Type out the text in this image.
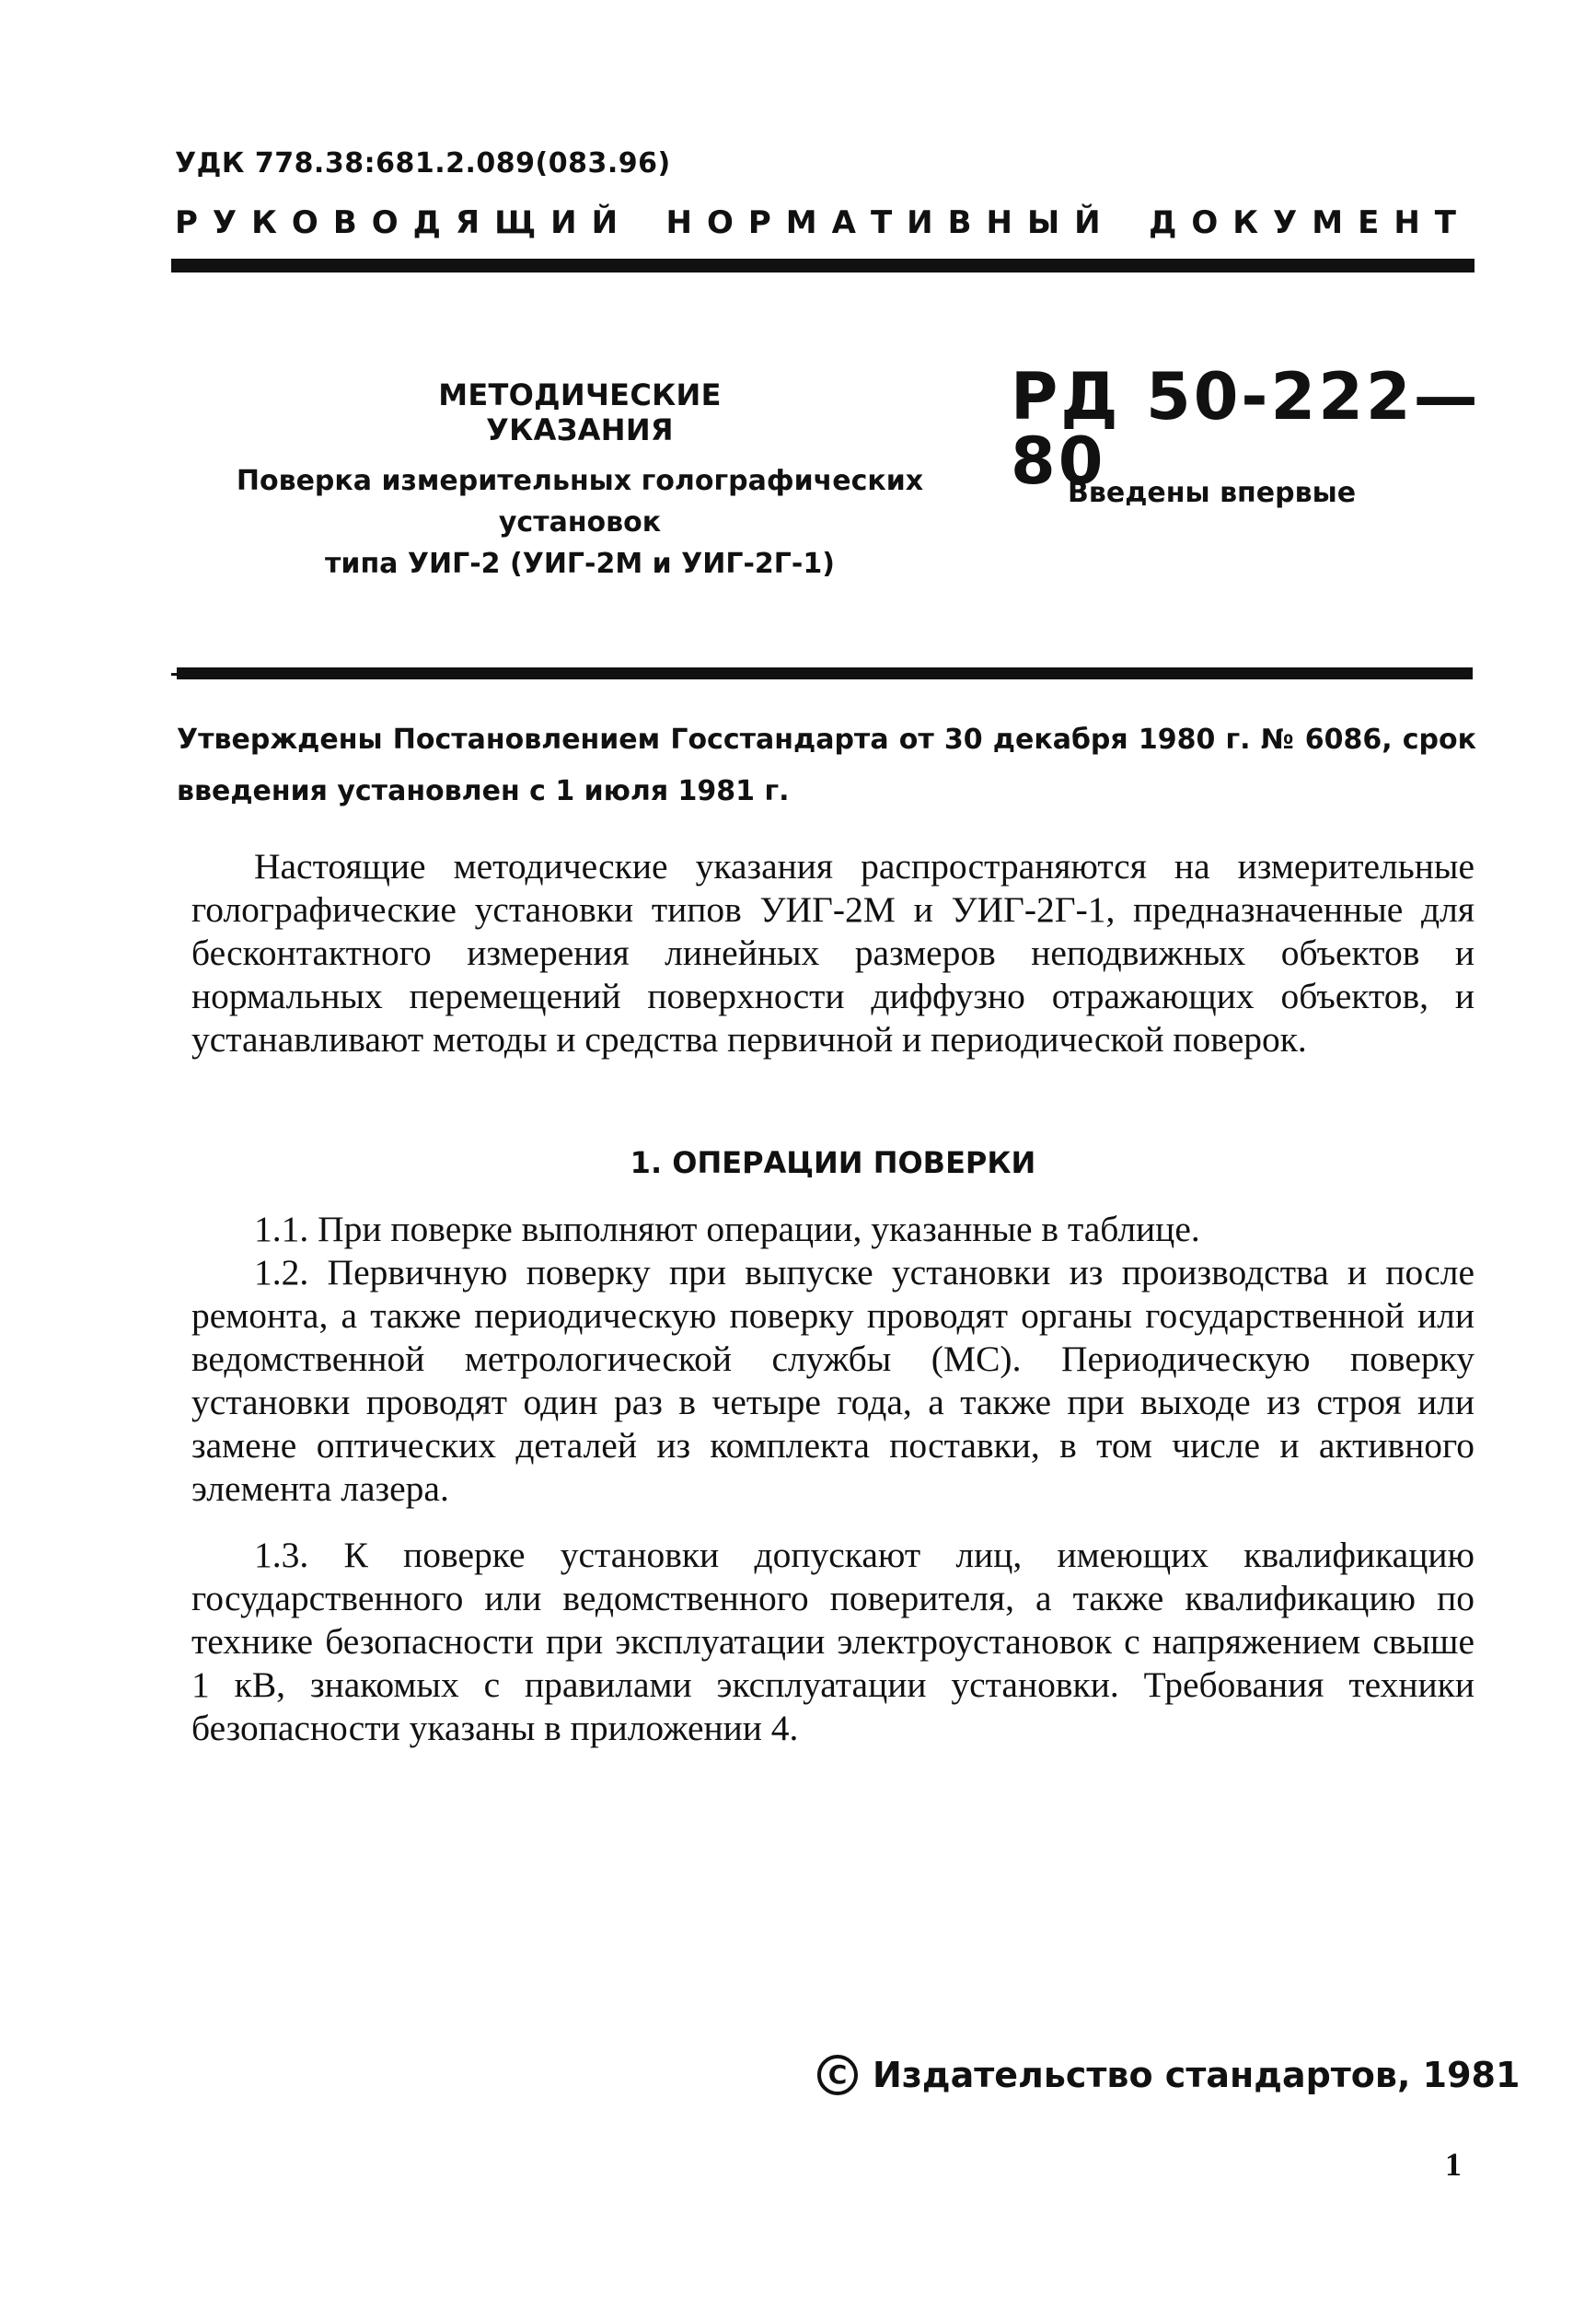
УДК 778.38:681.2.089(083.96)
РУКОВОДЯЩИЙ НОРМАТИВНЫЙ ДОКУМЕНТ
МЕТОДИЧЕСКИЕ УКАЗАНИЯ
Поверка измерительных голографических
установок
типа УИГ-2 (УИГ-2М и УИГ-2Г-1)
РД 50-222—80
Введены впервые
Утверждены Постановлением Госстандарта от 30 декабря 1980 г. № 6086, срок введения установлен с 1 июля 1981 г.
Настоящие методические указания распространяются на измерительные голографические установки типов УИГ-2М и УИГ-2Г-1, предназначенные для бесконтактного измерения линейных размеров неподвижных объектов и нормальных перемещений поверхности диффузно отражающих объектов, и устанавливают методы и средства первичной и периодической поверок.
1. ОПЕРАЦИИ ПОВЕРКИ
1.1. При поверке выполняют операции, указанные в таблице.
1.2. Первичную поверку при выпуске установки из производства и после ремонта, а также периодическую поверку проводят органы государственной или ведомственной метрологической службы (МС). Периодическую поверку установки проводят один раз в четыре года, а также при выходе из строя или замене оптических деталей из комплекта поставки, в том числе и активного элемента лазера.
1.3. К поверке установки допускают лиц, имеющих квалификацию государственного или ведомственного поверителя, а также квалификацию по технике безопасности при эксплуатации электроустановок с напряжением свыше 1 кВ, знакомых с правилами эксплуатации установки. Требования техники безопасности указаны в приложении 4.
C Издательство стандартов, 1981
1
